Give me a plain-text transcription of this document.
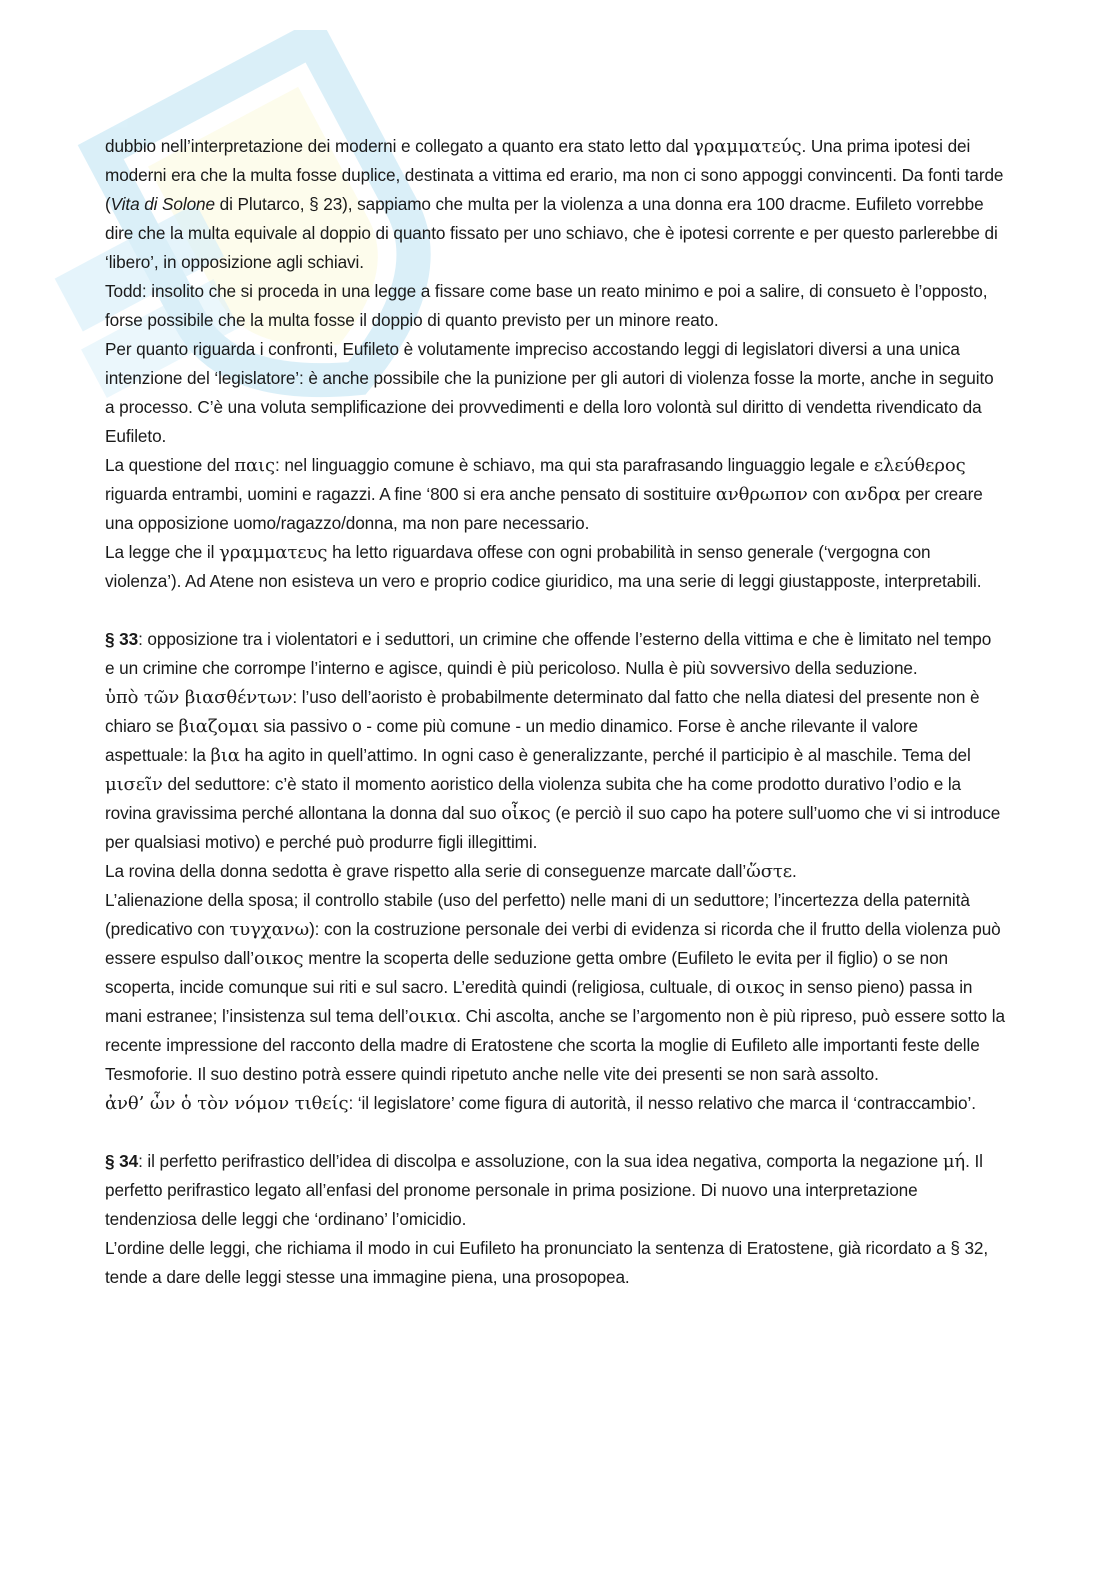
dubbio nell’interpretazione dei moderni e collegato a quanto era stato letto dal γραμματεύς. Una prima ipotesi dei moderni era che la multa fosse duplice, destinata a vittima ed erario, ma non ci sono appoggi convincenti. Da fonti tarde (Vita di Solone di Plutarco, § 23), sappiamo che multa per la violenza a una donna era 100 dracme. Eufileto vorrebbe dire che la multa equivale al doppio di quanto fissato per uno schiavo, che è ipotesi corrente e per questo parlerebbe di ‘libero’, in opposizione agli schiavi.

Todd: insolito che si proceda in una legge a fissare come base un reato minimo e poi a salire, di consueto è l’opposto, forse possibile che la multa fosse il doppio di quanto previsto per un minore reato.

Per quanto riguarda i confronti, Eufileto è volutamente impreciso accostando leggi di legislatori diversi a una unica intenzione del ‘legislatore’: è anche possibile che la punizione per gli autori di violenza fosse la morte, anche in seguito a processo. C’è una voluta semplificazione dei provvedimenti e della loro volontà sul diritto di vendetta rivendicato da Eufileto.

La questione del παις: nel linguaggio comune è schiavo, ma qui sta parafrasando linguaggio legale e ελεύθερος riguarda entrambi, uomini e ragazzi. A fine ‘800 si era anche pensato di sostituire ανθρωπον con ανδρα per creare una opposizione uomo/ragazzo/donna, ma non pare necessario.

La legge che il γραμματευς ha letto riguardava offese con ogni probabilità in senso generale (‘vergogna con violenza’). Ad Atene non esisteva un vero e proprio codice giuridico, ma una serie di leggi giustapposte, interpretabili.

§ 33: opposizione tra i violentatori e i seduttori, un crimine che offende l’esterno della vittima e che è limitato nel tempo e un crimine che corrompe l’interno e agisce, quindi è più pericoloso. Nulla è più sovversivo della seduzione.

ὑπὸ τῶν βιασθέντων: l’uso dell’aoristo è probabilmente determinato dal fatto che nella diatesi del presente non è chiaro se βιαζομαι sia passivo o - come più comune - un medio dinamico. Forse è anche rilevante il valore aspettuale: la βια ha agito in quell’attimo. In ogni caso è generalizzante, perché il participio è al maschile. Tema del μισεῖν del seduttore: c’è stato il momento aoristico della violenza subita che ha come prodotto durativo l’odio e la rovina gravissima perché allontana la donna dal suo οἶκος (e perciò il suo capo ha potere sull’uomo che vi si introduce per qualsiasi motivo) e perché può produrre figli illegittimi.

La rovina della donna sedotta è grave rispetto alla serie di conseguenze marcate dall’ὥστε.

L’alienazione della sposa; il controllo stabile (uso del perfetto) nelle mani di un seduttore; l’incertezza della paternità (predicativo con τυγχανω): con la costruzione personale dei verbi di evidenza si ricorda che il frutto della violenza può essere espulso dall’οικος mentre la scoperta delle seduzione getta ombre (Eufileto le evita per il figlio) o se non scoperta, incide comunque sui riti e sul sacro. L’eredità quindi (religiosa, cultuale, di οικος in senso pieno) passa in mani estranee; l’insistenza sul tema dell’οικια. Chi ascolta, anche se l’argomento non è più ripreso, può essere sotto la recente impressione del racconto della madre di Eratostene che scorta la moglie di Eufileto alle importanti feste delle Tesmoforie. Il suo destino potrà essere quindi ripetuto anche nelle vite dei presenti se non sarà assolto.

ἀνθ’ ὧν ὁ τὸν νόμον τιθείς: ‘il legislatore’ come figura di autorità, il nesso relativo che marca il ‘contraccambio’.

§ 34: il perfetto perifrastico dell’idea di discolpa e assoluzione, con la sua idea negativa, comporta la negazione μή. Il perfetto perifrastico legato all’enfasi del pronome personale in prima posizione. Di nuovo una interpretazione tendenziosa delle leggi che ‘ordinano’ l’omicidio.

L’ordine delle leggi, che richiama il modo in cui Eufileto ha pronunciato la sentenza di Eratostene, già ricordato a § 32, tende a dare delle leggi stesse una immagine piena, una prosopopea.
